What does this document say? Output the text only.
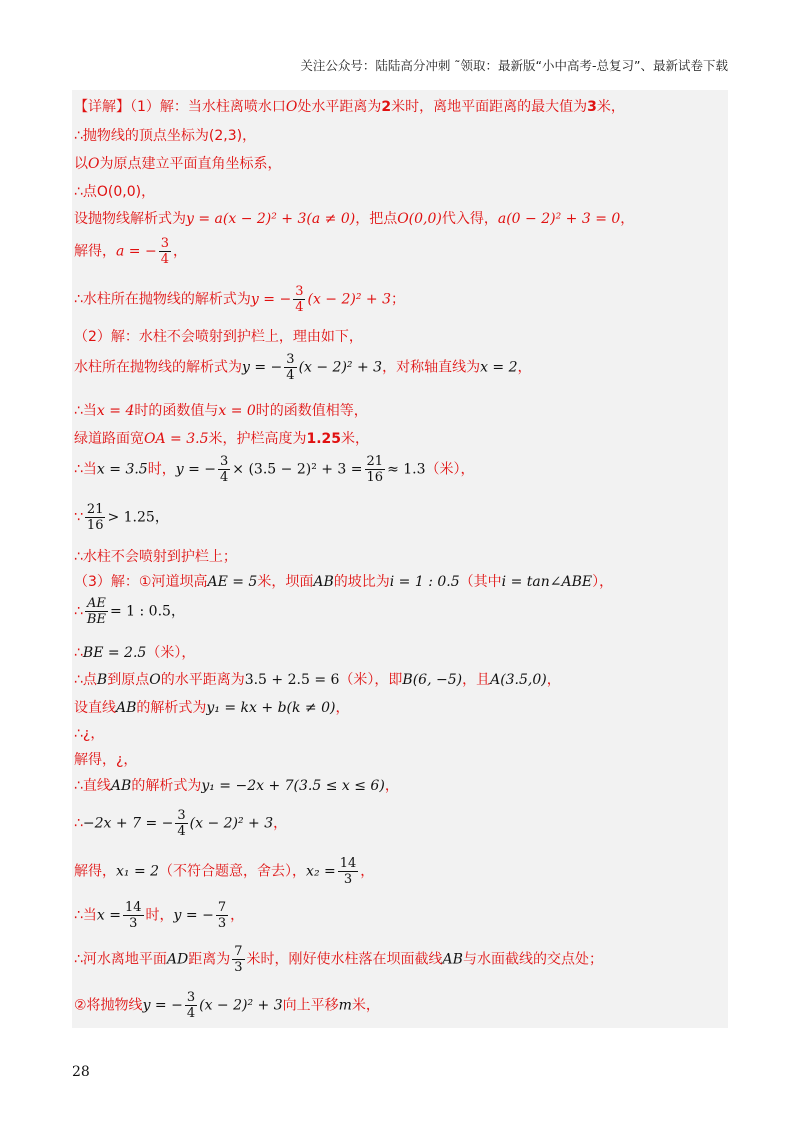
关注公众号：陆陆高分冲刺 ˜领取：最新版“小中高考-总复习”、最新试卷下载
【详解】（1）解：当水柱离喷水口O处水平距离为2米时，离地平面距离的最大值为3米，
∴抛物线的顶点坐标为(2,3)，
以O为原点建立平面直角坐标系，
∴点O(0,0)，
设抛物线解析式为y = a(x − 2)² + 3(a ≠ 0)，把点O(0,0)代入得，a(0 − 2)² + 3 = 0，
解得，a = − $\frac{3}{4}$ ，
∴水柱所在抛物线的解析式为y = − $\frac{3}{4} (x - 2)^2 + 3$；
（2）解：水柱不会喷射到护栏上，理由如下，
水柱所在抛物线的解析式为y = − $\frac{3}{4} (x - 2)^2 + 3$，对称轴直线为x = 2，
∴当x = 4时的函数值与x = 0时的函数值相等，
绿道路面宽OA = 3.5米，护栏高度为1.25米，
∴当x = 3.5时，y = − $\frac{3}{4} \times (3.5 - 2)^2 + 3 = \frac{21}{16} \approx 1.3$（米），
∵ $\frac{21}{16} > 1.25$，
∴水柱不会喷射到护栏上；
（3）解：①河道坝高AE = 5米，坝面AB的坡比为i = 1 : 0.5（其中i = tan∠ABE），
∴ $\frac{AE}{BE} = 1$ : 0.5，
∴BE = 2.5（米），
∴点B到原点O的水平距离为3.5 + 2.5 = 6（米），即B(6, −5)，且A(3.5,0)，
设直线AB的解析式为y₁ = kx + b(k ≠ 0)，
∴¿，
解得，¿，
∴直线AB的解析式为y₁ = −2x + 7(3.5 ≤ x ≤ 6)，
∴−2x + 7 = − $\frac{3}{4} (x - 2)^2 + 3$，
解得，x₁ = 2（不符合题意，舍去），$x_2 = \frac{14}{3}$ ，
∴当$x = \frac{14}{3}$ 时，y = − $\frac{7}{3}$ ，
∴河水离地平面AD距离为 $\frac{7}{3}$ 米时，刚好使水柱落在坝面截线AB与水面截线的交点处；
②将抛物线y = − $\frac{3}{4} (x - 2)^2 + 3$向上平移m米，
28
